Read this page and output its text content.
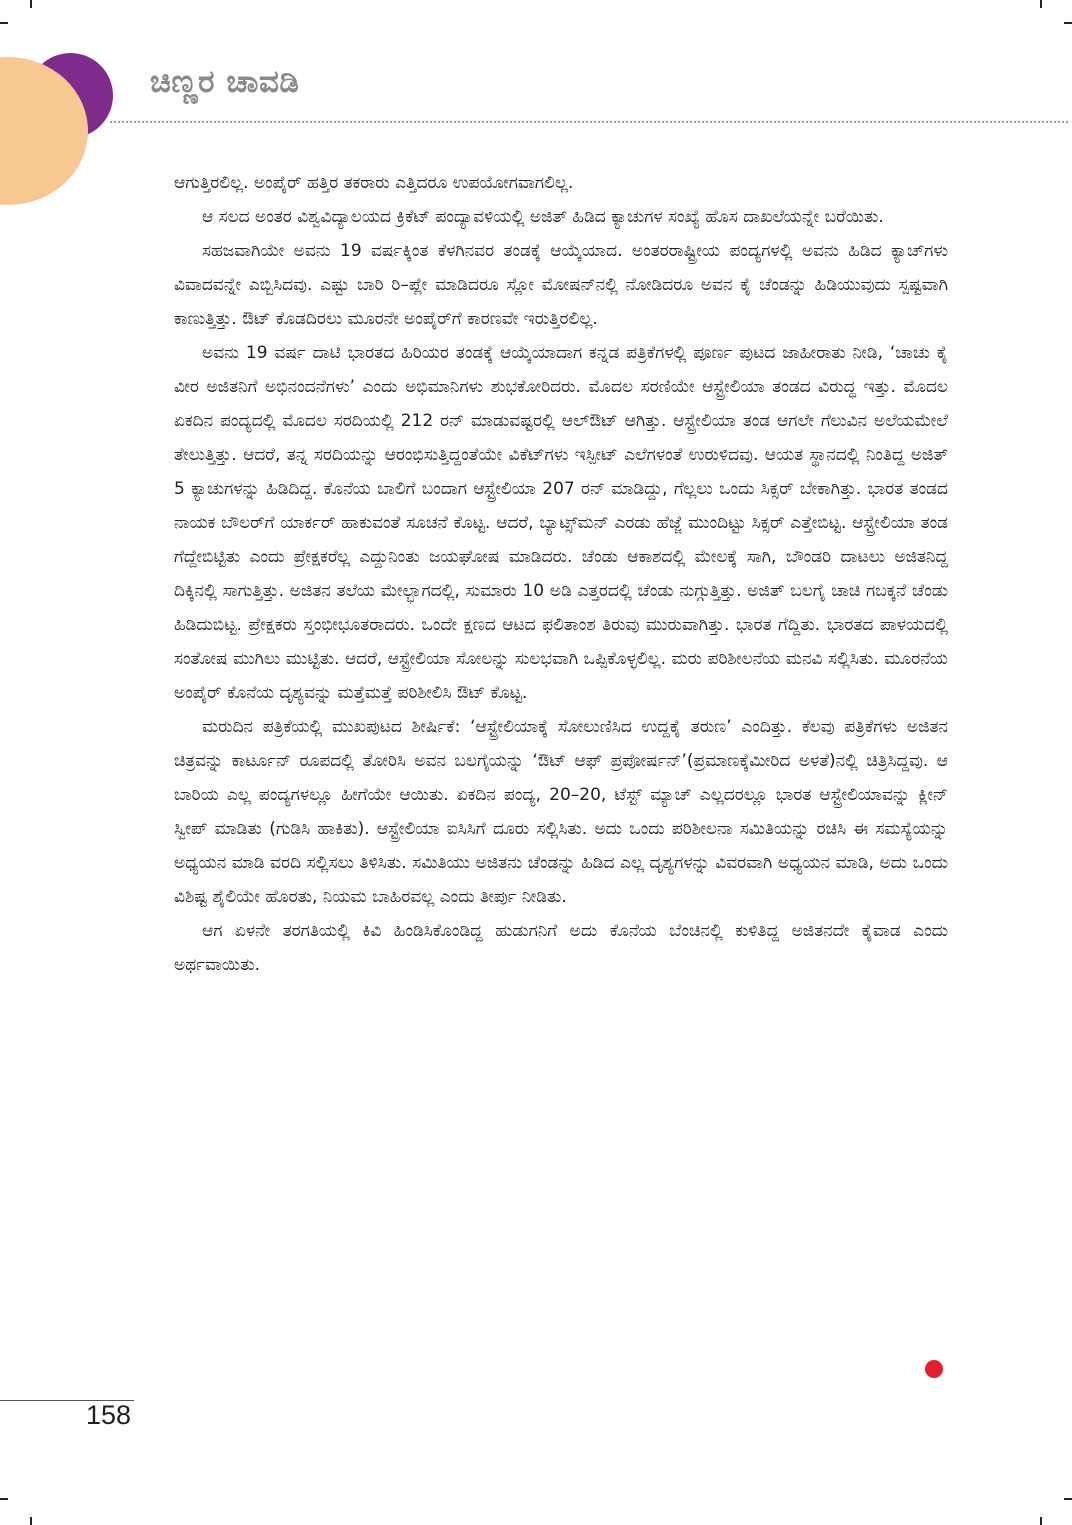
ಚಿಣ್ಣರ ಚಾವಡಿ

ಆಗುತ್ತಿರಲಿಲ್ಲ. ಅಂಪೈರ್ ಹತ್ತಿರ ತಕರಾರು ಎತ್ತಿದರೂ ಉಪಯೋಗವಾಗಲಿಲ್ಲ.

ಆ ಸಲದ ಅಂತರ ವಿಶ್ವವಿದ್ಯಾಲಯದ ಕ್ರಿಕೆಟ್ ಪಂದ್ಯಾವಳಿಯಲ್ಲಿ ಅಜಿತ್ ಹಿಡಿದ ಕ್ಯಾಚುಗಳ ಸಂಖ್ಯೆ ಹೊಸ ದಾಖಲೆಯನ್ನೇ ಬರೆಯಿತು.

ಸಹಜವಾಗಿಯೇ ಅವನು 19 ವರ್ಷಕ್ಕಿಂತ ಕೆಳಗಿನವರ ತಂಡಕ್ಕೆ ಆಯ್ಕೆಯಾದ. ಅಂತರರಾಷ್ಟ್ರೀಯ ಪಂದ್ಯಗಳಲ್ಲಿ ಅವನು ಹಿಡಿದ ಕ್ಯಾಚ್‌ಗಳು ವಿವಾದವನ್ನೇ ಎಬ್ಬಿಸಿದವು. ಎಷ್ಟು ಬಾರಿ ರಿ–ಪ್ಲೇ ಮಾಡಿದರೂ ಸ್ಲೋ ಮೋಷನ್‌ನಲ್ಲಿ ನೋಡಿದರೂ ಅವನ ಕೈ ಚೆಂಡನ್ನು ಹಿಡಿಯುವುದು ಸ್ಪಷ್ಟವಾಗಿ ಕಾಣುತ್ತಿತ್ತು. ಔಟ್ ಕೊಡದಿರಲು ಮೂರನೇ ಅಂಪೈರ್‌ಗೆ ಕಾರಣವೇ ಇರುತ್ತಿರಲಿಲ್ಲ.

ಅವನು 19 ವರ್ಷ ದಾಟಿ ಭಾರತದ ಹಿರಿಯರ ತಂಡಕ್ಕೆ ಆಯ್ಕೆಯಾದಾಗ ಕನ್ನಡ ಪತ್ರಿಕೆಗಳಲ್ಲಿ ಪೂರ್ಣ ಪುಟದ ಜಾಹೀರಾತು ನೀಡಿ, ‘ಚಾಚು ಕೈ ವೀರ ಅಜಿತನಿಗೆ ಅಭಿನಂದನೆಗಳು’ ಎಂದು ಅಭಿಮಾನಿಗಳು ಶುಭಕೋರಿದರು. ಮೊದಲ ಸರಣಿಯೇ ಆಸ್ಟ್ರೇಲಿಯಾ ತಂಡದ ವಿರುದ್ಧ ಇತ್ತು. ಮೊದಲ ಏಕದಿನ ಪಂದ್ಯದಲ್ಲಿ ಮೊದಲ ಸರದಿಯಲ್ಲಿ 212 ರನ್ ಮಾಡುವಷ್ಟರಲ್ಲಿ ಆಲ್‌ಔಟ್ ಆಗಿತ್ತು. ಆಸ್ಟ್ರೇಲಿಯಾ ತಂಡ ಆಗಲೇ ಗೆಲುವಿನ ಅಲೆಯಮೇಲೆ ತೇಲುತ್ತಿತ್ತು. ಆದರೆ, ತನ್ನ ಸರದಿಯನ್ನು ಆರಂಭಿಸುತ್ತಿದ್ದಂತೆಯೇ ವಿಕೆಟ್‌ಗಳು ಇಸ್ಪೀಟ್ ಎಲೆಗಳಂತೆ ಉರುಳಿದವು. ಆಯತ ಸ್ಥಾನದಲ್ಲಿ ನಿಂತಿದ್ದ ಅಜಿತ್ 5 ಕ್ಯಾಚುಗಳನ್ನು ಹಿಡಿದಿದ್ದ. ಕೊನೆಯ ಬಾಲಿಗೆ ಬಂದಾಗ ಆಸ್ಟ್ರೇಲಿಯಾ 207 ರನ್ ಮಾಡಿದ್ದು, ಗೆಲ್ಲಲು ಒಂದು ಸಿಕ್ಸರ್ ಬೇಕಾಗಿತ್ತು. ಭಾರತ ತಂಡದ ನಾಯಕ ಬೌಲರ್‌ಗೆ ಯಾರ್ಕರ್ ಹಾಕುವಂತೆ ಸೂಚನೆ ಕೊಟ್ಟ. ಆದರೆ, ಬ್ಯಾಟ್ಸ್‌ಮನ್ ಎರಡು ಹೆಜ್ಜೆ ಮುಂದಿಟ್ಟು ಸಿಕ್ಸರ್ ಎತ್ತೇಬಿಟ್ಟ. ಆಸ್ಟ್ರೇಲಿಯಾ ತಂಡ ಗೆದ್ದೇಬಿಟ್ಟಿತು ಎಂದು ಪ್ರೇಕ್ಷಕರೆಲ್ಲ ಎದ್ದುನಿಂತು ಜಯಘೋಷ ಮಾಡಿದರು. ಚೆಂಡು ಆಕಾಶದಲ್ಲಿ ಮೇಲಕ್ಕೆ ಸಾಗಿ, ಬೌಂಡರಿ ದಾಟಲು ಅಜಿತನಿದ್ದ ದಿಕ್ಕಿನಲ್ಲಿ ಸಾಗುತ್ತಿತ್ತು. ಅಜಿತನ ತಲೆಯ ಮೇಲ್ಭಾಗದಲ್ಲಿ, ಸುಮಾರು 10 ಅಡಿ ಎತ್ತರದಲ್ಲಿ ಚೆಂಡು ನುಗ್ಗುತ್ತಿತ್ತು. ಅಜಿತ್ ಬಲಗೈ ಚಾಚಿ ಗಬಕ್ಕನೆ ಚೆಂಡು ಹಿಡಿದುಬಿಟ್ಟ. ಪ್ರೇಕ್ಷಕರು ಸ್ತಂಭೀಭೂತರಾದರು. ಒಂದೇ ಕ್ಷಣದ ಆಟದ ಫಲಿತಾಂಶ ತಿರುವು ಮುರುವಾಗಿತ್ತು. ಭಾರತ ಗೆದ್ದಿತು. ಭಾರತದ ಪಾಳಯದಲ್ಲಿ ಸಂತೋಷ ಮುಗಿಲು ಮುಟ್ಟಿತು. ಆದರೆ, ಆಸ್ಟ್ರೇಲಿಯಾ ಸೋಲನ್ನು ಸುಲಭವಾಗಿ ಒಪ್ಪಿಕೊಳ್ಳಲಿಲ್ಲ. ಮರು ಪರಿಶೀಲನೆಯ ಮನವಿ ಸಲ್ಲಿಸಿತು. ಮೂರನೆಯ ಅಂಪೈರ್ ಕೊನೆಯ ದೃಶ್ಯವನ್ನು ಮತ್ತೆಮತ್ತೆ ಪರಿಶೀಲಿಸಿ ಔಟ್ ಕೊಟ್ಟ.

ಮರುದಿನ ಪತ್ರಿಕೆಯಲ್ಲಿ ಮುಖಪುಟದ ಶೀರ್ಷಿಕೆ: ‘ಆಸ್ಟ್ರೇಲಿಯಾಕ್ಕೆ ಸೋಲುಣಿಸಿದ ಉದ್ದಕೈ ತರುಣ’ ಎಂದಿತ್ತು. ಕೆಲವು ಪತ್ರಿಕೆಗಳು ಅಜಿತನ ಚಿತ್ರವನ್ನು ಕಾರ್ಟೂನ್ ರೂಪದಲ್ಲಿ ತೋರಿಸಿ ಅವನ ಬಲಗೈಯನ್ನು ‘ಔಟ್ ಆಫ್ ಪ್ರಪೋರ್ಷನ್’(ಪ್ರಮಾಣಕ್ಕೆಮೀರಿದ ಅಳತೆ)ನಲ್ಲಿ ಚಿತ್ರಿಸಿದ್ದವು. ಆ ಬಾರಿಯ ಎಲ್ಲ ಪಂದ್ಯಗಳಲ್ಲೂ ಹೀಗೆಯೇ ಆಯಿತು. ಏಕದಿನ ಪಂದ್ಯ, 20–20, ಟೆಸ್ಟ್ ಮ್ಯಾಚ್ ಎಲ್ಲದರಲ್ಲೂ ಭಾರತ ಆಸ್ಟ್ರೇಲಿಯಾವನ್ನು ಕ್ಲೀನ್ ಸ್ವೀಪ್ ಮಾಡಿತು (ಗುಡಿಸಿ ಹಾಕಿತು). ಆಸ್ಟ್ರೇಲಿಯಾ ಐಸಿಸಿಗೆ ದೂರು ಸಲ್ಲಿಸಿತು. ಅದು ಒಂದು ಪರಿಶೀಲನಾ ಸಮಿತಿಯನ್ನು ರಚಿಸಿ ಈ ಸಮಸ್ಯೆಯನ್ನು ಅಧ್ಯಯನ ಮಾಡಿ ವರದಿ ಸಲ್ಲಿಸಲು ತಿಳಿಸಿತು. ಸಮಿತಿಯು ಅಜಿತನು ಚೆಂಡನ್ನು ಹಿಡಿದ ಎಲ್ಲ ದೃಶ್ಯಗಳನ್ನು ವಿವರವಾಗಿ ಅಧ್ಯಯನ ಮಾಡಿ, ಅದು ಒಂದು ವಿಶಿಷ್ಟ ಶೈಲಿಯೇ ಹೊರತು, ನಿಯಮ ಬಾಹಿರವಲ್ಲ ಎಂದು ತೀರ್ಪು ನೀಡಿತು.

ಆಗ ಏಳನೇ ತರಗತಿಯಲ್ಲಿ ಕಿವಿ ಹಿಂಡಿಸಿಕೊಂಡಿದ್ದ ಹುಡುಗನಿಗೆ ಅದು ಕೊನೆಯ ಬೆಂಚಿನಲ್ಲಿ ಕುಳಿತಿದ್ದ ಅಜಿತನದೇ ಕೈವಾಡ ಎಂದು ಅರ್ಥವಾಯಿತು.

158
